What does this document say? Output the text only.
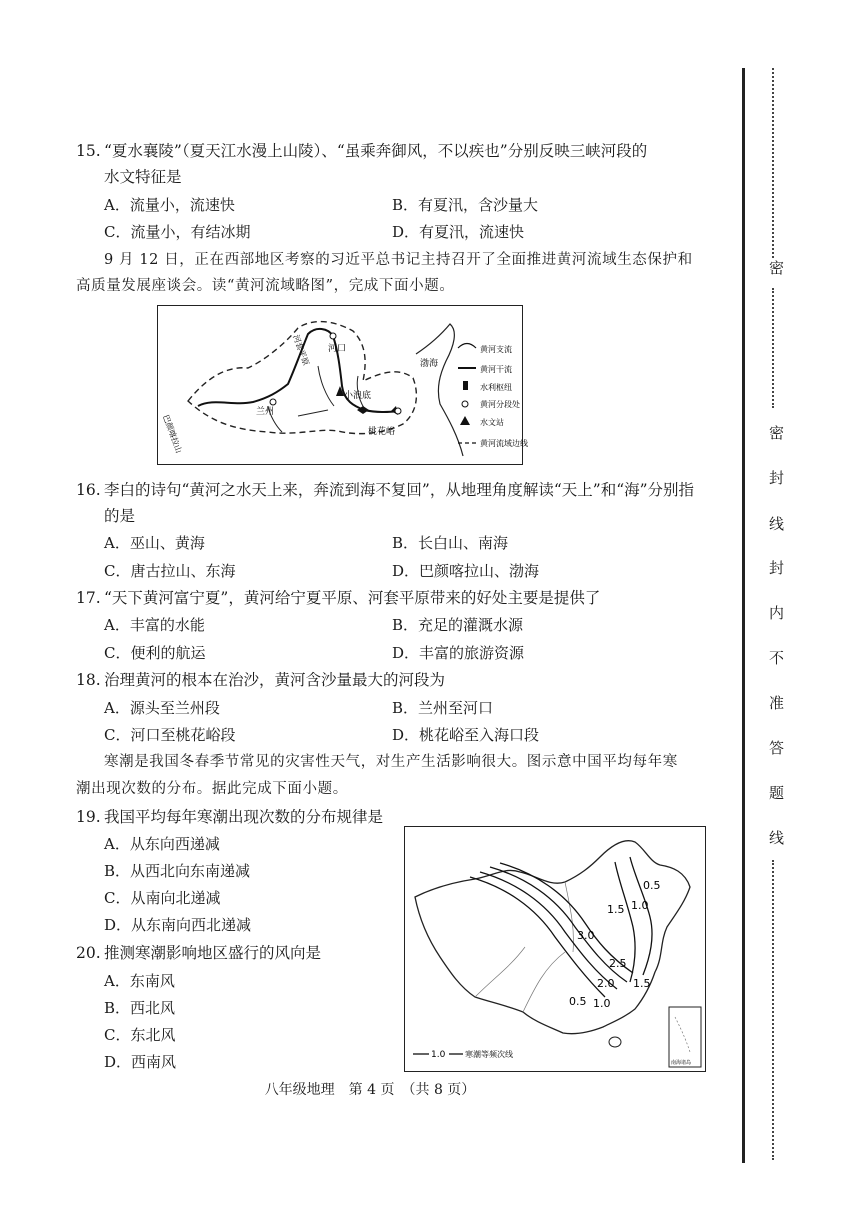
15. “夏水襄陵”（夏天江水漫上山陵）、“虽乘奔御风，不以疾也”分别反映三峡河段的
水文特征是
A．流量小，流速快	B．有夏汛，含沙量大
C．流量小，有结冰期	D．有夏汛，流速快
9 月 12 日，正在西部地区考察的习近平总书记主持召开了全面推进黄河流域生态保护和
高质量发展座谈会。读“黄河流域略图”，完成下面小题。
河口
渤海
兰州
小浪底
桃花峪
河套平原
巴颜喀拉山
黄河支流
黄河干流
水利枢纽
黄河分段处
水文站
黄河流域边线
16. 李白的诗句“黄河之水天上来，奔流到海不复回”，从地理角度解读“天上”和“海”分别指
的是
A．巫山、黄海	B．长白山、南海
C．唐古拉山、东海	D．巴颜喀拉山、渤海
17. “天下黄河富宁夏”，黄河给宁夏平原、河套平原带来的好处主要是提供了
A．丰富的水能	B．充足的灌溉水源
C．便利的航运	D．丰富的旅游资源
18. 治理黄河的根本在治沙，黄河含沙量最大的河段为
A．源头至兰州段	B．兰州至河口
C．河口至桃花峪段	D．桃花峪至入海口段
寒潮是我国冬春季节常见的灾害性天气，对生产生活影响很大。图示意中国平均每年寒
潮出现次数的分布。据此完成下面小题。
19. 我国平均每年寒潮出现次数的分布规律是
A．从东向西递减
B．从西北向东南递减
C．从南向北递减
D．从东南向西北递减
20. 推测寒潮影响地区盛行的风向是
A．东南风
B．西北风
C．东北风
D．西南风
0.5
1.0
1.5
3.0
2.5
2.0 1.5
0.5 1.0
南海诸岛
1.0 寒潮等频次线
八年级地理　第 4 页　（共 8 页）
密
密
封
线
封
内
不
准
答
题
线
